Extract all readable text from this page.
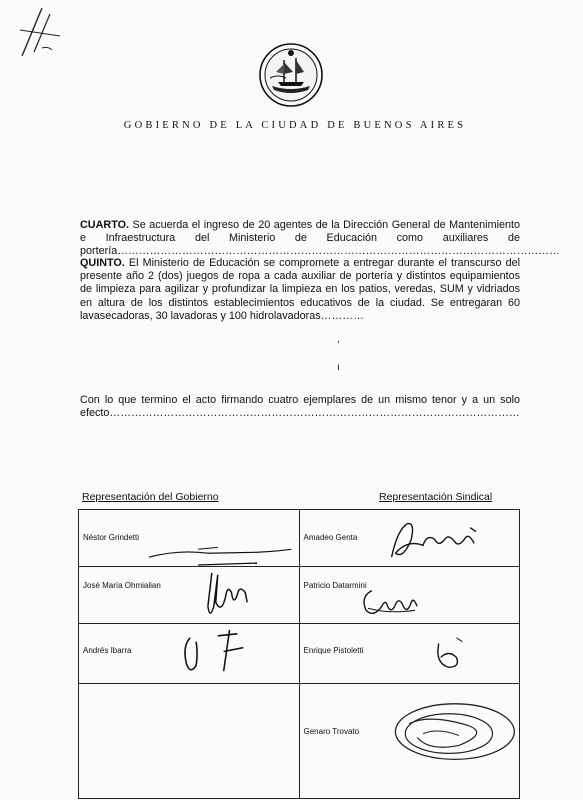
GOBIERNO DE LA CIUDAD DE BUENOS AIRES
CUARTO. Se acuerda el ingreso de 20 agentes de la Dirección General de Mantenimiento e Infraestructura del Ministerio de Educación como auxiliares de portería……………………………………………………………………………………………………………
QUINTO. El Ministerio de Educación se compromete a entregar durante el transcurso del presente año 2 (dos) juegos de ropa a cada auxiliar de portería y distintos equipamientos de limpieza para agilizar y profundizar la limpieza en los patios, veredas, SUM y vidriados en altura de los distintos establecimientos educativos de la ciudad. Se entregaran 60 lavasecadoras, 30 lavadoras y 100 hidrolavadoras…………
,
ı
Con lo que termino el acto firmando cuatro ejemplares de un mismo tenor y a un solo efecto……………………………………………………………………………………………………
Representación del Gobierno	Representación Sindical
Néstor Grindetti	Amadeo Genta

José María Ohmialian	Patricio Datarmini

Andrés Ibarra	Enrique Pistoletti

	Genaro Trovato
